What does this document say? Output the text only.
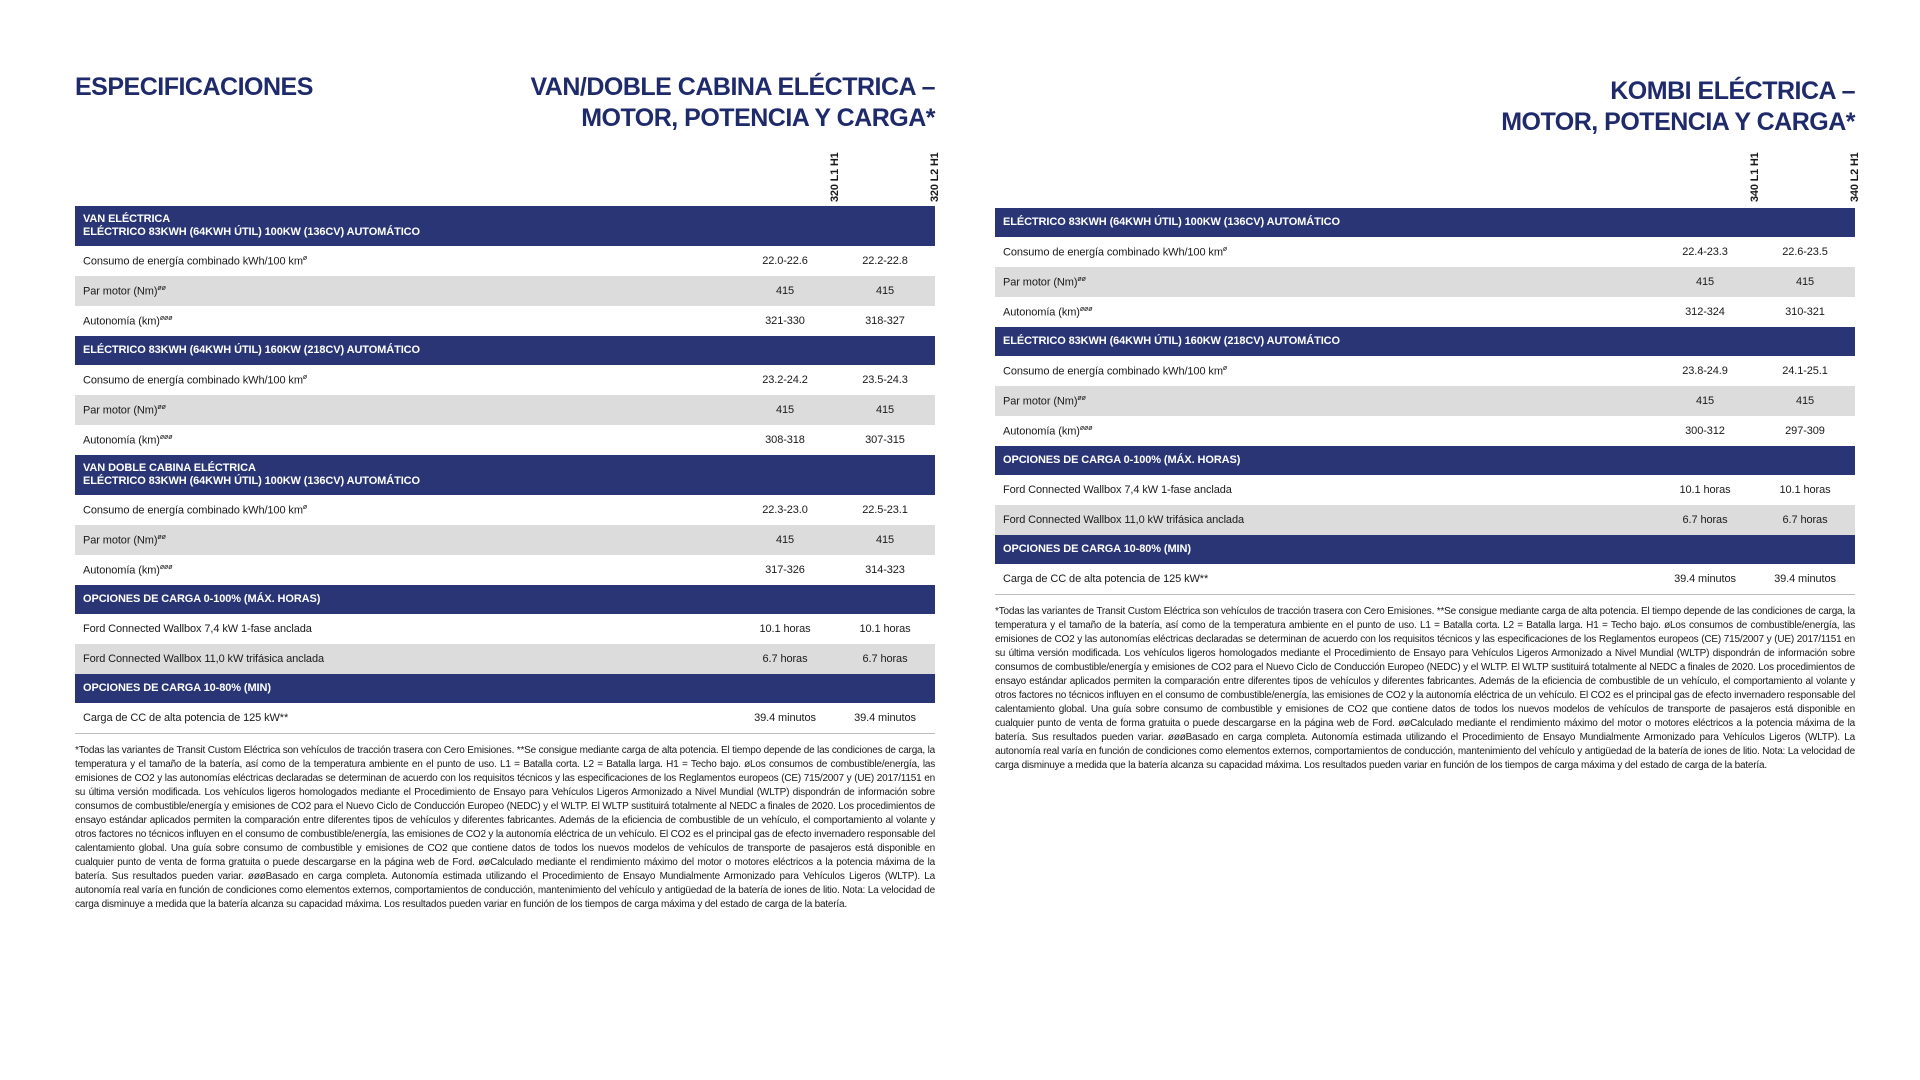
ESPECIFICACIONES	VAN/DOBLE CABINA ELÉCTRICA –
MOTOR, POTENCIA Y CARGA*
320 L1 H1	320 L2 H1
VAN ELÉCTRICA
ELÉCTRICO 83KWH (64KWH ÚTIL) 100KW (136CV) AUTOMÁTICO
Consumo de energía combinado kWh/100 $km^ø$	22.0-22.6	22.2-22.8
Par motor $(Nm)^{øø}$	415	415
Autonomía (km)$^{øøø}$	321-330	318-327
ELÉCTRICO 83KWH (64KWH ÚTIL) 160KW (218CV) AUTOMÁTICO
Consumo de energía combinado kWh/100 $km^ø$	23.2-24.2	23.5-24.3
Par motor $(Nm)^{øø}$	415	415
Autonomía (km)$^{øøø}$	308-318	307-315
VAN DOBLE CABINA ELÉCTRICA
ELÉCTRICO 83KWH (64KWH ÚTIL) 100KW (136CV) AUTOMÁTICO
Consumo de energía combinado kWh/100 $km^ø$	22.3-23.0	22.5-23.1
Par motor $(Nm)^{øø}$	415	415
Autonomía (km)$^{øøø}$	317-326	314-323
OPCIONES DE CARGA 0-100% (MÁX. HORAS)
Ford Connected Wallbox 7,4 kW 1-fase anclada	10.1 horas	10.1 horas
Ford Connected Wallbox 11,0 kW trifásica anclada	6.7 horas	6.7 horas
OPCIONES DE CARGA 10-80% (MIN)
Carga de CC de alta potencia de 125 kW**	39.4 minutos	39.4 minutos

*Todas las variantes de Transit Custom Eléctrica son vehículos de tracción trasera con Cero Emisiones. **Se consigue mediante carga de alta potencia. El tiempo depende de las condiciones de carga, la temperatura y el tamaño de la batería, así como de la temperatura ambiente en el punto de uso. L1 = Batalla corta. L2 = Batalla larga. H1 = Techo bajo. øLos consumos de combustible/energía, las emisiones de CO2 y las autonomías eléctricas declaradas se determinan de acuerdo con los requisitos técnicos y las especificaciones de los Reglamentos europeos (CE) 715/2007 y (UE) 2017/1151 en su última versión modificada. Los vehículos ligeros homologados mediante el Procedimiento de Ensayo para Vehículos Ligeros Armonizado a Nivel Mundial (WLTP) dispondrán de información sobre consumos de combustible/energía y emisiones de CO2 para el Nuevo Ciclo de Conducción Europeo (NEDC) y el WLTP. El WLTP sustituirá totalmente al NEDC a finales de 2020. Los procedimientos de ensayo estándar aplicados permiten la comparación entre diferentes tipos de vehículos y diferentes fabricantes. Además de la eficiencia de combustible de un vehículo, el comportamiento al volante y otros factores no técnicos influyen en el consumo de combustible/energía, las emisiones de CO2 y la autonomía eléctrica de un vehículo. El CO2 es el principal gas de efecto invernadero responsable del calentamiento global. Una guía sobre consumo de combustible y emisiones de CO2 que contiene datos de todos los nuevos modelos de vehículos de transporte de pasajeros está disponible en cualquier punto de venta de forma gratuita o puede descargarse en la página web de Ford. øøCalculado mediante el rendimiento máximo del motor o motores eléctricos a la potencia máxima de la batería. Sus resultados pueden variar. øøøBasado en carga completa. Autonomía estimada utilizando el Procedimiento de Ensayo Mundialmente Armonizado para Vehículos Ligeros (WLTP). La autonomía real varía en función de condiciones como elementos externos, comportamientos de conducción, mantenimiento del vehículo y antigüedad de la batería de iones de litio. Nota: La velocidad de carga disminuye a medida que la batería alcanza su capacidad máxima. Los resultados pueden variar en función de los tiempos de carga máxima y del estado de carga de la batería.

KOMBI ELÉCTRICA –
MOTOR, POTENCIA Y CARGA*
340 L1 H1	340 L2 H1
ELÉCTRICO 83KWH (64KWH ÚTIL) 100KW (136CV) AUTOMÁTICO
Consumo de energía combinado kWh/100 $km^ø$	22.4-23.3	22.6-23.5
Par motor $(Nm)^{øø}$	415	415
Autonomía (km)$^{øøø}$	312-324	310-321
ELÉCTRICO 83KWH (64KWH ÚTIL) 160KW (218CV) AUTOMÁTICO
Consumo de energía combinado kWh/100 $km^ø$	23.8-24.9	24.1-25.1
Par motor $(Nm)^{øø}$	415	415
Autonomía (km)$^{øøø}$	300-312	297-309
OPCIONES DE CARGA 0-100% (MÁX. HORAS)
Ford Connected Wallbox 7,4 kW 1-fase anclada	10.1 horas	10.1 horas
Ford Connected Wallbox 11,0 kW trifásica anclada	6.7 horas	6.7 horas
OPCIONES DE CARGA 10-80% (MIN)
Carga de CC de alta potencia de 125 kW**	39.4 minutos	39.4 minutos

*Todas las variantes de Transit Custom Eléctrica son vehículos de tracción trasera con Cero Emisiones. **Se consigue mediante carga de alta potencia. El tiempo depende de las condiciones de carga, la temperatura y el tamaño de la batería, así como de la temperatura ambiente en el punto de uso. L1 = Batalla corta. L2 = Batalla larga. H1 = Techo bajo. øLos consumos de combustible/energía, las emisiones de CO2 y las autonomías eléctricas declaradas se determinan de acuerdo con los requisitos técnicos y las especificaciones de los Reglamentos europeos (CE) 715/2007 y (UE) 2017/1151 en su última versión modificada. Los vehículos ligeros homologados mediante el Procedimiento de Ensayo para Vehículos Ligeros Armonizado a Nivel Mundial (WLTP) dispondrán de información sobre consumos de combustible/energía y emisiones de CO2 para el Nuevo Ciclo de Conducción Europeo (NEDC) y el WLTP. El WLTP sustituirá totalmente al NEDC a finales de 2020. Los procedimientos de ensayo estándar aplicados permiten la comparación entre diferentes tipos de vehículos y diferentes fabricantes. Además de la eficiencia de combustible de un vehículo, el comportamiento al volante y otros factores no técnicos influyen en el consumo de combustible/energía, las emisiones de CO2 y la autonomía eléctrica de un vehículo. El CO2 es el principal gas de efecto invernadero responsable del calentamiento global. Una guía sobre consumo de combustible y emisiones de CO2 que contiene datos de todos los nuevos modelos de vehículos de transporte de pasajeros está disponible en cualquier punto de venta de forma gratuita o puede descargarse en la página web de Ford. øøCalculado mediante el rendimiento máximo del motor o motores eléctricos a la potencia máxima de la batería. Sus resultados pueden variar. øøøBasado en carga completa. Autonomía estimada utilizando el Procedimiento de Ensayo Mundialmente Armonizado para Vehículos Ligeros (WLTP). La autonomía real varía en función de condiciones como elementos externos, comportamientos de conducción, mantenimiento del vehículo y antigüedad de la batería de iones de litio. Nota: La velocidad de carga disminuye a medida que la batería alcanza su capacidad máxima. Los resultados pueden variar en función de los tiempos de carga máxima y del estado de carga de la batería.
